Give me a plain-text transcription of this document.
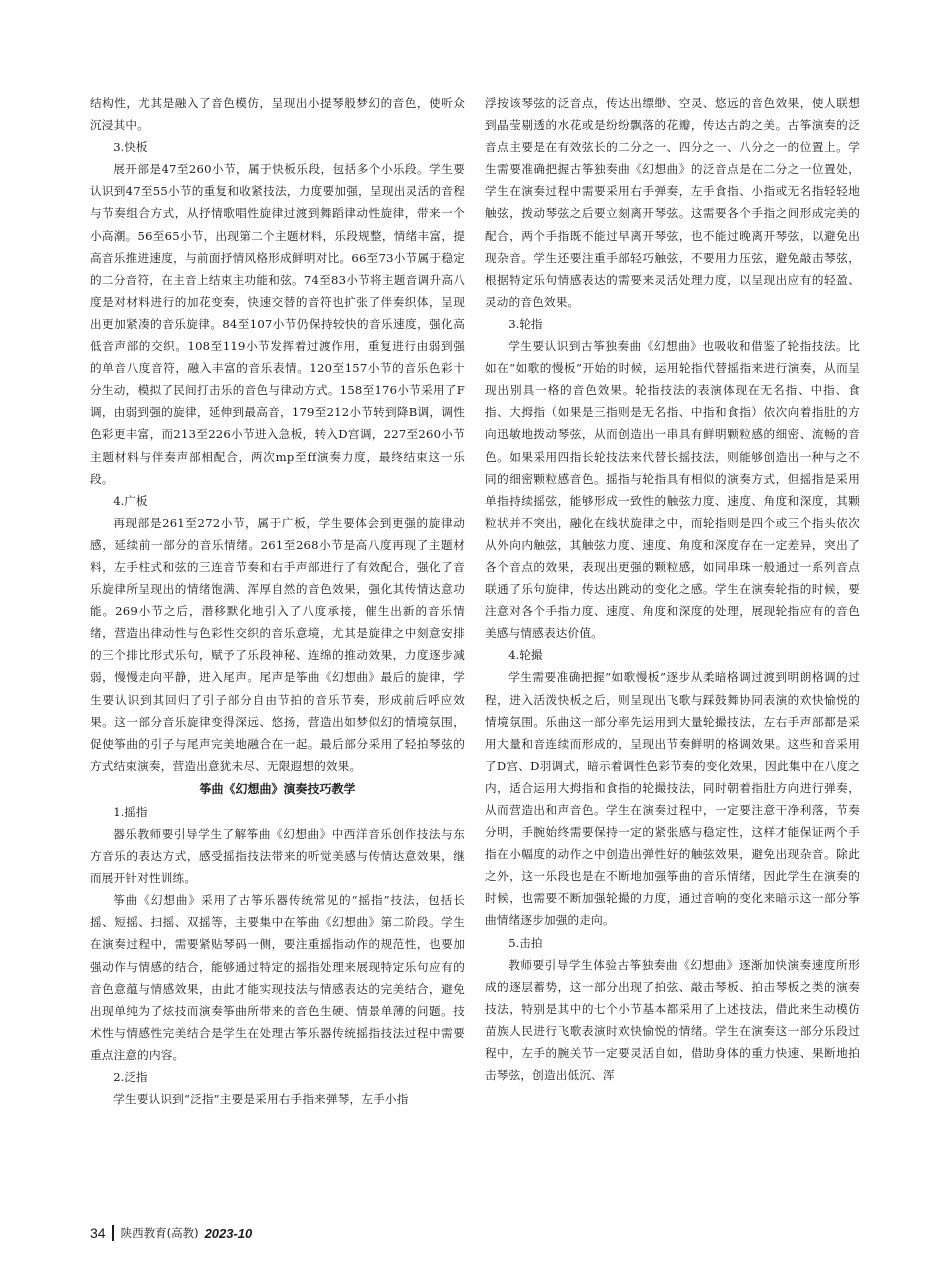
结构性，尤其是融入了音色模仿，呈现出小提琴般梦幻的音色，使听众沉浸其中。

3.快板

展开部是47至260小节，属于快板乐段，包括多个小乐段。学生要认识到47至55小节的重复和收紧技法，力度要加强，呈现出灵活的音程与节奏组合方式，从抒情歌唱性旋律过渡到舞蹈律动性旋律，带来一个小高潮。56至65小节，出现第二个主题材料，乐段规整，情绪丰富，提高音乐推进速度，与前面抒情风格形成鲜明对比。66至73小节属于稳定的二分音符，在主音上结束主功能和弦。74至83小节将主题音调升高八度是对材料进行的加花变奏，快速交替的音符也扩张了伴奏织体，呈现出更加紧凑的音乐旋律。84至107小节仍保持较快的音乐速度，强化高低音声部的交织。108至119小节发挥着过渡作用，重复进行由弱到强的单音八度音符，融入丰富的音乐表情。120至157小节的音乐色彩十分生动，模拟了民间打击乐的音色与律动方式。158至176小节采用了F调，由弱到强的旋律，延伸到最高音，179至212小节转到降B调，调性色彩更丰富，而213至226小节进入急板，转入D宫调，227至260小节主题材料与伴奏声部相配合，两次mp至ff演奏力度，最终结束这一乐段。

4.广板

再现部是261至272小节，属于广板，学生要体会到更强的旋律动感，延续前一部分的音乐情绪。261至268小节是高八度再现了主题材料，左手柱式和弦的三连音节奏和右手声部进行了有效配合，强化了音乐旋律所呈现出的情绪饱满、浑厚自然的音色效果，强化其传情达意功能。269小节之后，潜移默化地引入了八度承接，催生出新的音乐情绪，营造出律动性与色彩性交织的音乐意境，尤其是旋律之中刻意安排的三个排比形式乐句，赋予了乐段神秘、连绵的推动效果，力度逐步减弱，慢慢走向平静，进入尾声。尾声是筝曲《幻想曲》最后的旋律，学生要认识到其回归了引子部分自由节拍的音乐节奏，形成前后呼应效果。这一部分音乐旋律变得深远、悠扬，营造出如梦似幻的情境氛围，促使筝曲的引子与尾声完美地融合在一起。最后部分采用了轻拍琴弦的方式结束演奏，营造出意犹未尽、无限遐想的效果。

筝曲《幻想曲》演奏技巧教学
1.摇指

器乐教师要引导学生了解筝曲《幻想曲》中西洋音乐创作技法与东方音乐的表达方式，感受摇指技法带来的听觉美感与传情达意效果，继而展开针对性训练。

筝曲《幻想曲》采用了古筝乐器传统常见的“摇指”技法，包括长摇、短摇、扫摇、双摇等，主要集中在筝曲《幻想曲》第二阶段。学生在演奏过程中，需要紧贴琴码一侧，要注重摇指动作的规范性，也要加强动作与情感的结合，能够通过特定的摇指处理来展现特定乐句应有的音色意蕴与情感效果，由此才能实现技法与情感表达的完美结合，避免出现单纯为了炫技而演奏筝曲所带来的音色生硬、情景单薄的问题。技术性与情感性完美结合是学生在处理古筝乐器传统摇指技法过程中需要重点注意的内容。

2.泛指

学生要认识到“泛指”主要是采用右手指来弹琴，左手小指

浮按该琴弦的泛音点，传达出缥缈、空灵、悠远的音色效果，使人联想到晶莹剔透的水花或是纷纷飘落的花瓣，传达古韵之美。古筝演奏的泛音点主要是在有效弦长的二分之一、四分之一、八分之一的位置上。学生需要准确把握古筝独奏曲《幻想曲》的泛音点是在二分之一位置处，学生在演奏过程中需要采用右手弹奏，左手食指、小指或无名指轻轻地触弦，拨动琴弦之后要立刻离开琴弦。这需要各个手指之间形成完美的配合，两个手指既不能过早离开琴弦，也不能过晚离开琴弦，以避免出现杂音。学生还要注重手部轻巧触弦，不要用力压弦，避免敲击琴弦，根据特定乐句情感表达的需要来灵活处理力度，以呈现出应有的轻盈、灵动的音色效果。

3.轮指

学生要认识到古筝独奏曲《幻想曲》也吸收和借鉴了轮指技法。比如在“如歌的慢板”开始的时候，运用轮指代替摇指来进行演奏，从而呈现出别具一格的音色效果。轮指技法的表演体现在无名指、中指、食指、大拇指（如果是三指则是无名指、中指和食指）依次向着指肚的方向迅敏地拨动琴弦，从而创造出一串具有鲜明颗粒感的细密、流畅的音色。如果采用四指长轮技法来代替长摇技法，则能够创造出一种与之不同的细密颗粒感音色。摇指与轮指具有相似的演奏方式，但摇指是采用单指持续摇弦，能够形成一致性的触弦力度、速度、角度和深度，其颗粒状并不突出，融化在线状旋律之中，而轮指则是四个或三个指头依次从外向内触弦，其触弦力度、速度、角度和深度存在一定差异，突出了各个音点的效果，表现出更强的颗粒感，如同串珠一般通过一系列音点联通了乐句旋律，传达出跳动的变化之感。学生在演奏轮指的时候，要注意对各个手指力度、速度、角度和深度的处理，展现轮指应有的音色美感与情感表达价值。

4.轮撮

学生需要准确把握“如歌慢板”逐步从柔暗格调过渡到明朗格调的过程，进入活泼快板之后，则呈现出飞歌与踩鼓舞协同表演的欢快愉悦的情境氛围。乐曲这一部分率先运用到大量轮撮技法，左右手声部都是采用大量和音连续而形成的，呈现出节奏鲜明的格调效果。这些和音采用了D宫、D羽调式，暗示着调性色彩节奏的变化效果，因此集中在八度之内，适合运用大拇指和食指的轮撮技法，同时朝着指肚方向进行弹奏，从而营造出和声音色。学生在演奏过程中，一定要注意干净利落，节奏分明，手腕始终需要保持一定的紧张感与稳定性，这样才能保证两个手指在小幅度的动作之中创造出弹性好的触弦效果，避免出现杂音。除此之外，这一乐段也是在不断地加强筝曲的音乐情绪，因此学生在演奏的时候，也需要不断加强轮撮的力度，通过音响的变化来暗示这一部分筝曲情绪逐步加强的走向。

5.击拍

教师要引导学生体验古筝独奏曲《幻想曲》逐渐加快演奏速度所形成的逐层蓄势，这一部分出现了拍弦、敲击琴板、拍击琴板之类的演奏技法，特别是其中的七个小节基本都采用了上述技法，借此来生动模仿苗族人民进行飞歌表演时欢快愉悦的情绪。学生在演奏这一部分乐段过程中，左手的腕关节一定要灵活自如，借助身体的重力快速、果断地拍击琴弦，创造出低沉、浑

34 陕西教育(高教) 2023-10
